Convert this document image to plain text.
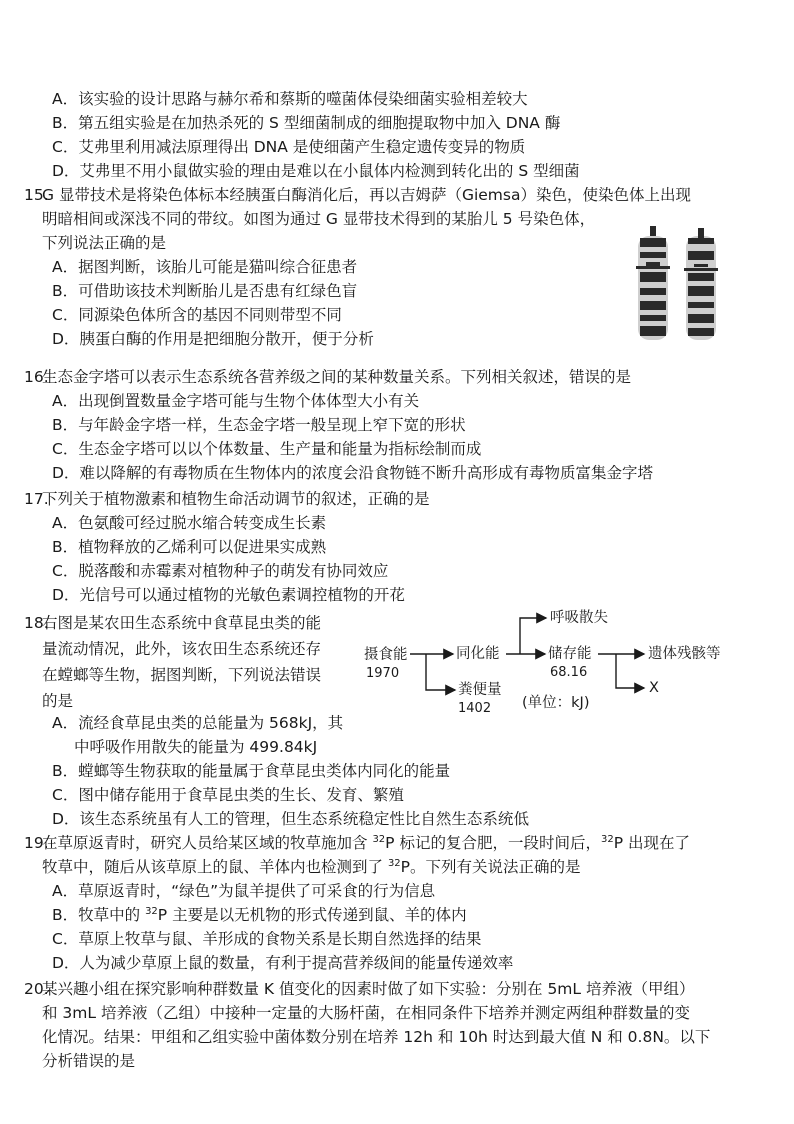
A．该实验的设计思路与赫尔希和蔡斯的噬菌体侵染细菌实验相差较大
B．第五组实验是在加热杀死的 S 型细菌制成的细胞提取物中加入 DNA 酶
C．艾弗里利用减法原理得出 DNA 是使细菌产生稳定遗传变异的物质
D．艾弗里不用小鼠做实验的理由是难以在小鼠体内检测到转化出的 S 型细菌
15.G 显带技术是将染色体标本经胰蛋白酶消化后，再以吉姆萨（Giemsa）染色，使染色体上出现
明暗相间或深浅不同的带纹。如图为通过 G 显带技术得到的某胎儿 5 号染色体，
下列说法正确的是
A．据图判断，该胎儿可能是猫叫综合征患者
B．可借助该技术判断胎儿是否患有红绿色盲
C．同源染色体所含的基因不同则带型不同
D．胰蛋白酶的作用是把细胞分散开，便于分析
16.生态金字塔可以表示生态系统各营养级之间的某种数量关系。下列相关叙述，错误的是
A．出现倒置数量金字塔可能与生物个体体型大小有关
B．与年龄金字塔一样，生态金字塔一般呈现上窄下宽的形状
C．生态金字塔可以以个体数量、生产量和能量为指标绘制而成
D．难以降解的有毒物质在生物体内的浓度会沿食物链不断升高形成有毒物质富集金字塔
17.下列关于植物激素和植物生命活动调节的叙述，正确的是
A．色氨酸可经过脱水缩合转变成生长素
B．植物释放的乙烯利可以促进果实成熟
C．脱落酸和赤霉素对植物种子的萌发有协同效应
D．光信号可以通过植物的光敏色素调控植物的开花
18.右图是某农田生态系统中食草昆虫类的能
量流动情况，此外，该农田生态系统还存
在螳螂等生物，据图判断，下列说法错误
的是
A．流经食草昆虫类的总能量为 568kJ，其
中呼吸作用散失的能量为 499.84kJ
B．螳螂等生物获取的能量属于食草昆虫类体内同化的能量
C．图中储存能用于食草昆虫类的生长、发育、繁殖
D．该生态系统虽有人工的管理，但生态系统稳定性比自然生态系统低
摄食能
1970
同化能
呼吸散失
储存能
68.16
遗体残骸等
X
粪便量
1402 (单位：kJ)
19.在草原返青时，研究人员给某区域的牧草施加含 $^{32}$P 标记的复合肥，一段时间后，$^{32}$P 出现在了
牧草中，随后从该草原上的鼠、羊体内也检测到了 $^{32}$P。下列有关说法正确的是
A．草原返青时，“绿色”为鼠羊提供了可采食的行为信息
B．牧草中的 $^{32}$P 主要是以无机物的形式传递到鼠、羊的体内
C．草原上牧草与鼠、羊形成的食物关系是长期自然选择的结果
D．人为减少草原上鼠的数量，有利于提高营养级间的能量传递效率
20.某兴趣小组在探究影响种群数量 K 值变化的因素时做了如下实验：分别在 5mL 培养液（甲组）
和 3mL 培养液（乙组）中接种一定量的大肠杆菌，在相同条件下培养并测定两组种群数量的变
化情况。结果：甲组和乙组实验中菌体数分别在培养 12h 和 10h 时达到最大值 N 和 0.8N。以下
分析错误的是
